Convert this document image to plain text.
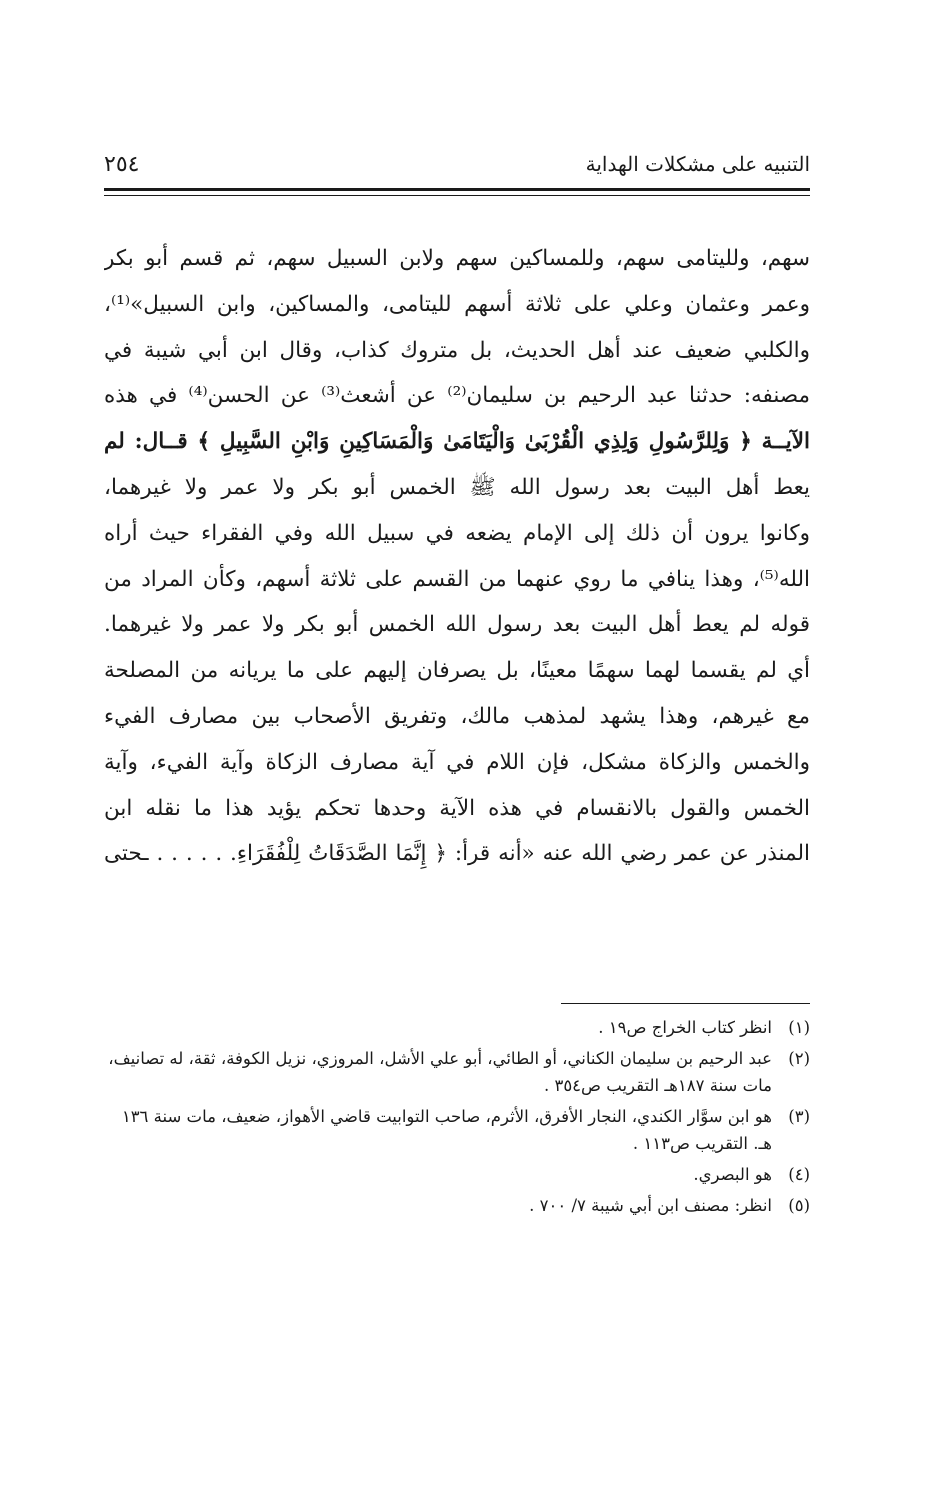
٢٥٤	التنبيه على مشكلات الهداية
سهم، ولليتامى سهم، وللمساكين سهم ولابن السبيل سهم، ثم قسم أبو بكر
وعمر وعثمان وعلي على ثلاثة أسهم لليتامى، والمساكين، وابن السبيل»⁽¹⁾،
والكلبي ضعيف عند أهل الحديث، بل متروك كذاب، وقال ابن أبي شيبة في
مصنفه: حدثنا عبد الرحيم بن سليمان⁽²⁾ عن أشعث⁽³⁾ عن الحسن⁽⁴⁾ في هذه
الآيــة ﴿ وَلِلرَّسُولِ وَلِذِي الْقُرْبَىٰ وَالْيَتَامَىٰ وَالْمَسَاكِينِ وَابْنِ السَّبِيلِ ﴾ قــال: لم
يعط أهل البيت بعد رسول الله ﷺ الخمس أبو بكر ولا عمر ولا غيرهما،
وكانوا يرون أن ذلك إلى الإمام يضعه في سبيل الله وفي الفقراء حيث أراه
الله⁽⁵⁾، وهذا ينافي ما روي عنهما من القسم على ثلاثة أسهم، وكأن المراد من
قوله لم يعط أهل البيت بعد رسول الله الخمس أبو بكر ولا عمر ولا غيرهما.
أي لم يقسما لهما سهمًا معينًا، بل يصرفان إليهم على ما يريانه من المصلحة
مع غيرهم، وهذا يشهد لمذهب مالك، وتفريق الأصحاب بين مصارف الفيء
والخمس والزكاة مشكل، فإن اللام في آية مصارف الزكاة وآية الفيء، وآية
الخمس والقول بالانقسام في هذه الآية وحدها تحكم يؤيد هذا ما نقله ابن
المنذر عن عمر رضي الله عنه «أنه قرأ: ﴿ إِنَّمَا الصَّدَقَاتُ لِلْفُقَرَاءِ. . . . . . ـحتى
(١)
انظر كتاب الخراج ص١٩ .
(٢)
عبد الرحيم بن سليمان الكناني، أو الطائي، أبو علي الأشل، المروزي، نزيل الكوفة، ثقة، له تصانيف، مات سنة ١٨٧هـ التقريب ص٣٥٤ .
(٣)
هو ابن سوَّار الكندي، النجار الأفرق، الأثرم، صاحب التوابيت قاضي الأهواز، ضعيف، مات سنة ١٣٦ هـ. التقريب ص١١٣ .
(٤)
هو البصري.
(٥)
انظر: مصنف ابن أبي شيبة ٧/ ٧٠٠ .
